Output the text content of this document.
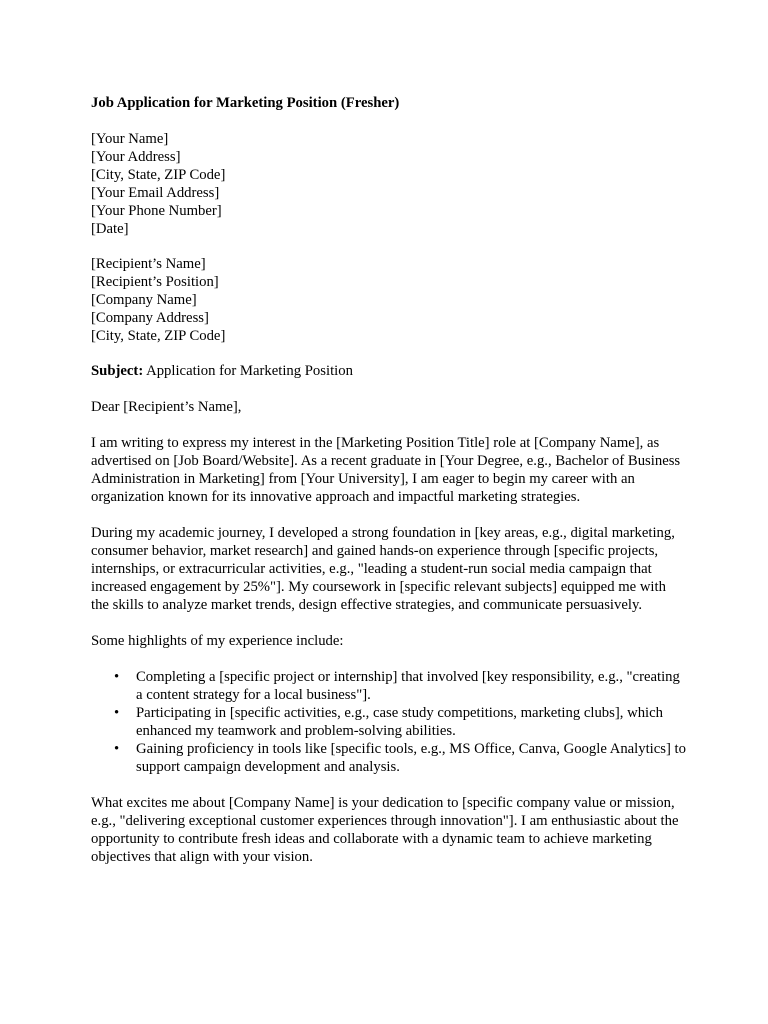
Job Application for Marketing Position (Fresher)
[Your Name]
[Your Address]
[City, State, ZIP Code]
[Your Email Address]
[Your Phone Number]
[Date]
[Recipient’s Name]
[Recipient’s Position]
[Company Name]
[Company Address]
[City, State, ZIP Code]

Subject: Application for Marketing Position

Dear [Recipient’s Name],

I am writing to express my interest in the [Marketing Position Title] role at [Company Name], as advertised on [Job Board/Website]. As a recent graduate in [Your Degree, e.g., Bachelor of Business Administration in Marketing] from [Your University], I am eager to begin my career with an organization known for its innovative approach and impactful marketing strategies.

During my academic journey, I developed a strong foundation in [key areas, e.g., digital marketing, consumer behavior, market research] and gained hands-on experience through [specific projects, internships, or extracurricular activities, e.g., "leading a student-run social media campaign that increased engagement by 25%"]. My coursework in [specific relevant subjects] equipped me with the skills to analyze market trends, design effective strategies, and communicate persuasively.

Some highlights of my experience include:

• Completing a [specific project or internship] that involved [key responsibility, e.g., "creating a content strategy for a local business"].
• Participating in [specific activities, e.g., case study competitions, marketing clubs], which enhanced my teamwork and problem-solving abilities.
• Gaining proficiency in tools like [specific tools, e.g., MS Office, Canva, Google Analytics] to support campaign development and analysis.

What excites me about [Company Name] is your dedication to [specific company value or mission, e.g., "delivering exceptional customer experiences through innovation"]. I am enthusiastic about the opportunity to contribute fresh ideas and collaborate with a dynamic team to achieve marketing objectives that align with your vision.
